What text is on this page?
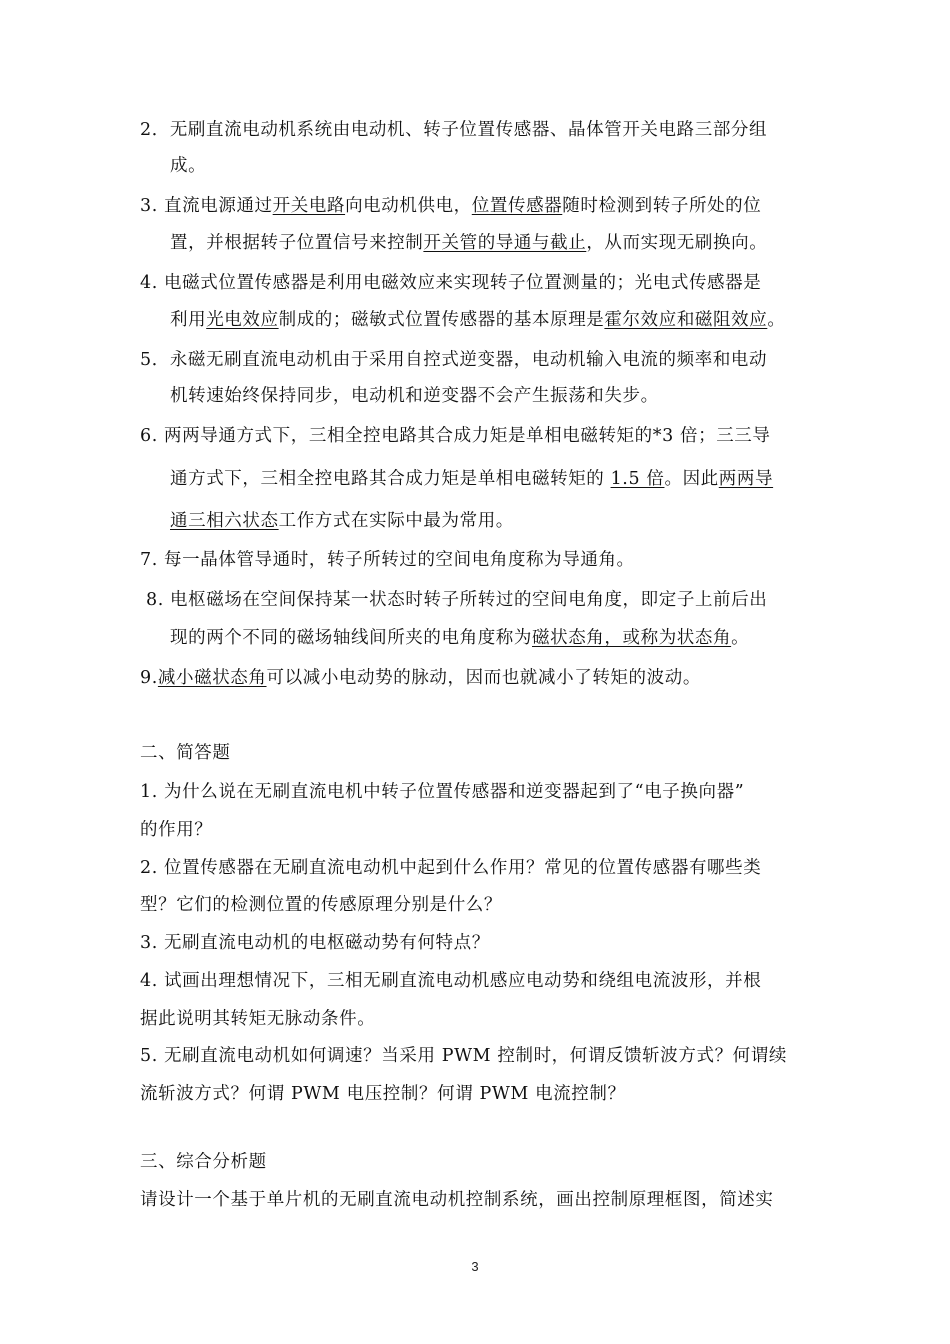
2．无刷直流电动机系统由电动机、转子位置传感器、晶体管开关电路三部分组
成。
3. 直流电源通过开关电路向电动机供电，位置传感器随时检测到转子所处的位
置，并根据转子位置信号来控制开关管的导通与截止，从而实现无刷换向。
4. 电磁式位置传感器是利用电磁效应来实现转子位置测量的；光电式传感器是
利用光电效应制成的；磁敏式位置传感器的基本原理是霍尔效应和磁阻效应。
5．永磁无刷直流电动机由于采用自控式逆变器，电动机输入电流的频率和电动
机转速始终保持同步，电动机和逆变器不会产生振荡和失步。
6. 两两导通方式下，三相全控电路其合成力矩是单相电磁转矩的*3 倍；三三导
通方式下，三相全控电路其合成力矩是单相电磁转矩的 1.5 倍。因此两两导
通三相六状态工作方式在实际中最为常用。
7. 每一晶体管导通时，转子所转过的空间电角度称为导通角。
8. 电枢磁场在空间保持某一状态时转子所转过的空间电角度，即定子上前后出
现的两个不同的磁场轴线间所夹的电角度称为磁状态角，或称为状态角。
9.减小磁状态角可以减小电动势的脉动，因而也就减小了转矩的波动。
二、简答题
1. 为什么说在无刷直流电机中转子位置传感器和逆变器起到了“电子换向器”
的作用？
2. 位置传感器在无刷直流电动机中起到什么作用？常见的位置传感器有哪些类
型？它们的检测位置的传感原理分别是什么？
3. 无刷直流电动机的电枢磁动势有何特点？
4. 试画出理想情况下，三相无刷直流电动机感应电动势和绕组电流波形，并根
据此说明其转矩无脉动条件。
5. 无刷直流电动机如何调速？当采用 PWM 控制时，何谓反馈斩波方式？何谓续
流斩波方式？何谓 PWM 电压控制？何谓 PWM 电流控制？
三、综合分析题
请设计一个基于单片机的无刷直流电动机控制系统，画出控制原理框图，简述实
3
